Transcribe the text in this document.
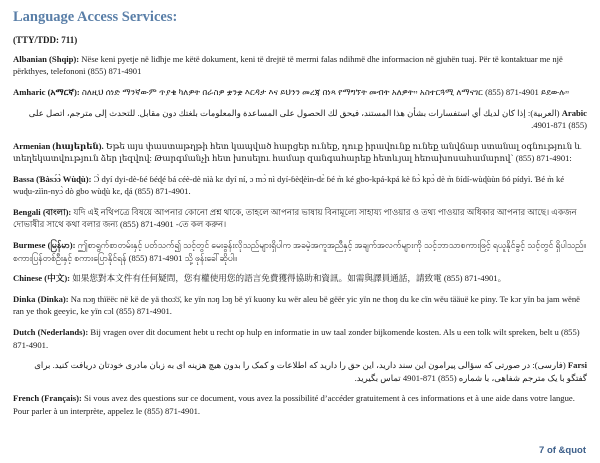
Language Access Services:
(TTY/TDD: 711)
Albanian (Shqip): Nëse keni pyetje në lidhje me këtë dokument, keni të drejtë të merrni falas ndihmë dhe informacion në gjuhën tuaj. Për të kontaktuar me një përkthyes, telefononi (855) 871-4901
Amharic (አማርኛ): ስለዚህ ሰነድ ማንኛውም ጥያቄ ካለዎት በራስዎ ቋንቋ እርዳታ እና ይህንን መረጃ በነጻ የማግኘት መብት አለዎት። አስተርጓሚ ለማናገር (855) 871-4901 ይደውሉ።
Arabic (العربية): إذا كان لديك أي استفسارات بشأن هذا المستند، فيحق لك الحصول على المساعدة والمعلومات بلغتك دون مقابل. للتحدث إلى مترجم، اتصل على (855) 871-4901.
Armenian (հայերեն). Եթե այս փաստաթղթի հետ կապված հարցեր ունեք, դուք իրավունք ունեք անվճար ստանալ օգնություն և տեղեկատվություն ձեր լեզվով: Թարգմանչի հետ խոսելու համար զանգահարեք հետևյալ հեռախոսահամարով՝ (855) 871-4901:
Bassa (Ɓàsɔ́ɔ̀ Wùɖù): Ɔ̀ dyí dyi-dè-ɓé ɓéɖé bá céè-dè nìà kɛ dyí ní, ɔ mɔ̀ nì dyí-ɓèɖèìn-dɛ̀ ɓé m̀ ké gbo-kpá-kpá kè ɓɔ̀ kpɔ̀ dè m̀ ɓídí-wùɖùùn ɓó pídyì. Ɓé m̀ ké wuɖu-zììn-nyɔ̀ dò gbo wùɖù kɛ, ɖá (855) 871-4901.
Bengali (বাংলা): যদি এই নথিপত্রে বিষয়ে আপনার কোনো প্রশ্ন থাকে, তাহলে আপনার ভাষায় বিনামূল্যে সাহায্য পাওয়ার ও তথ্য পাওয়ার অধিকার আপনার আছে। একজন দোভাষীর সাথে কথা বলার জন্য (855) 871-4901 -তে কল করুন।
Burmese (မြန်မာ): ဤစာရွက်စာတမ်းနှင့် ပတ်သက်၍ သင့်တွင် မေးခွန်းလိုသည်များရှိပါက အခမဲ့အကူအညီနှင့် အချက်အလက်များကို သင့်ဘာသာစကားဖြင့် ရယူနိုင်ခွင့် သင့်တွင် ရှိပါသည်။ စကားပြန်တစ်ဦးနှင့် စကားပြောနိုင်ရန် (855) 871-4901 သို့ ဖုန်းခေါ်ဆိုပါ။
Chinese (中文): 如果您對本文件有任何疑問，您有權使用您的語言免費獲得協助和資訊。如需與譯員通話，請致電 (855) 871-4901。
Dinka (Dinka): Na nɔŋ thïëëc në kë de yä thoɔ̈ɔ̈, ke yïn nɔŋ lɔŋ bë yï kuony ku wër aleu bë gëër yic yïn ne thoŋ du ke cïn wëu tääuë ke piny. Te kɔr yïn ba jam wënë ran ye thok geeyic, ke yïn cɔl (855) 871-4901.
Dutch (Nederlands): Bij vragen over dit document hebt u recht op hulp en informatie in uw taal zonder bijkomende kosten. Als u een tolk wilt spreken, belt u (855) 871-4901.
Farsi (فارسی): در صورتی که سؤالی پیرامون این سند دارید، این حق را دارید که اطلاعات و کمک را بدون هیچ هزینه ای به زبان مادری خودتان دریافت کنید. برای گفتگو با یک مترجم شفاهی، با شماره (855) 871-4901 تماس بگیرید.
French (Français): Si vous avez des questions sur ce document, vous avez la possibilité d’accéder gratuitement à ces informations et à une aide dans votre langue. Pour parler à un interprète, appelez le (855) 871-4901.
7 of &quot
